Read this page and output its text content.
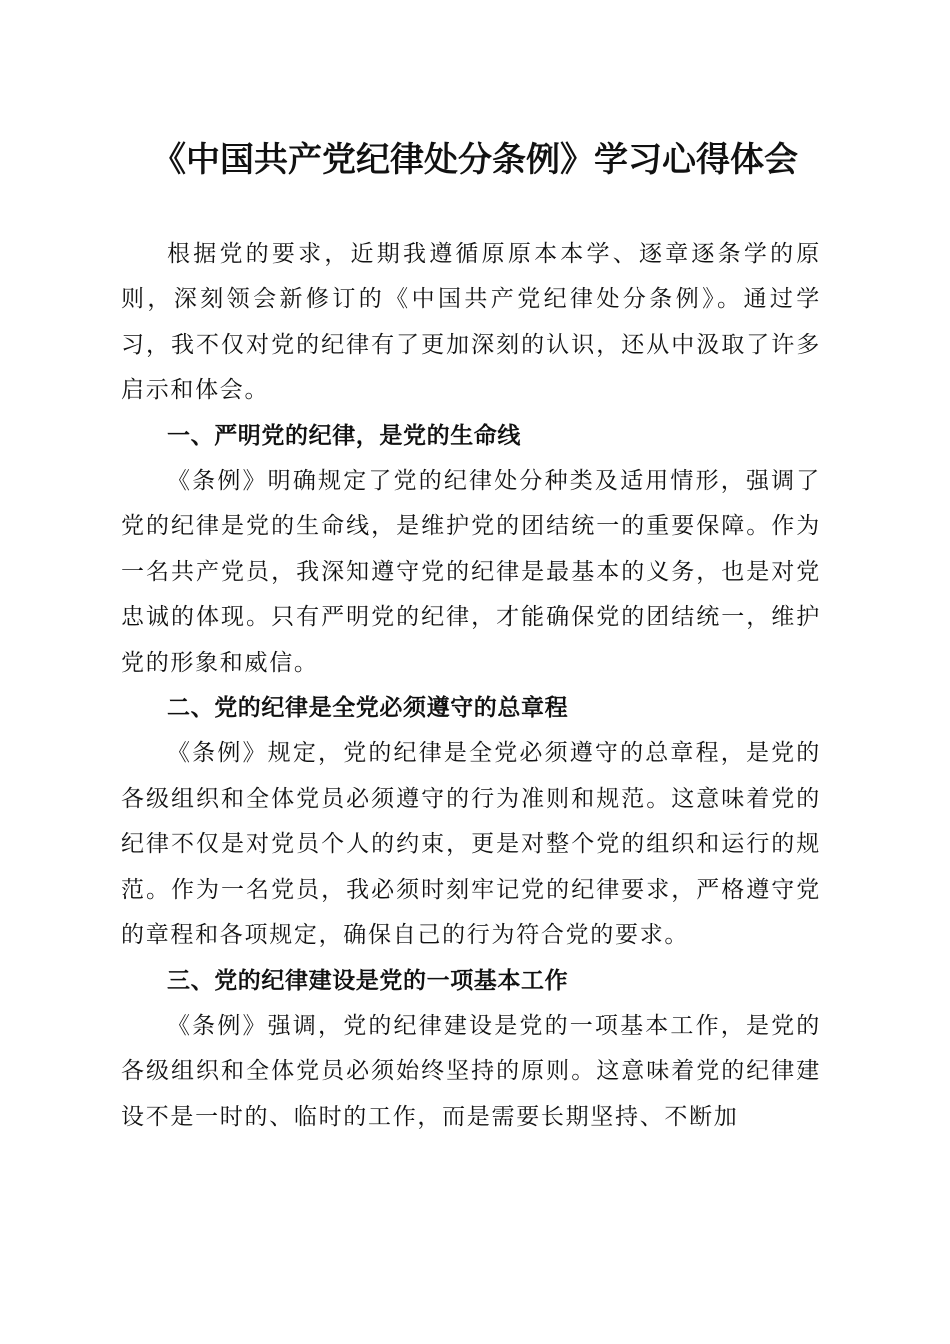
《中国共产党纪律处分条例》学习心得体会

根据党的要求，近期我遵循原原本本学、逐章逐条学的原则，深刻领会新修订的《中国共产党纪律处分条例》。通过学习，我不仅对党的纪律有了更加深刻的认识，还从中汲取了许多启示和体会。

一、严明党的纪律，是党的生命线

《条例》明确规定了党的纪律处分种类及适用情形，强调了党的纪律是党的生命线，是维护党的团结统一的重要保障。作为一名共产党员，我深知遵守党的纪律是最基本的义务，也是对党忠诚的体现。只有严明党的纪律，才能确保党的团结统一，维护党的形象和威信。

二、党的纪律是全党必须遵守的总章程

《条例》规定，党的纪律是全党必须遵守的总章程，是党的各级组织和全体党员必须遵守的行为准则和规范。这意味着党的纪律不仅是对党员个人的约束，更是对整个党的组织和运行的规范。作为一名党员，我必须时刻牢记党的纪律要求，严格遵守党的章程和各项规定，确保自己的行为符合党的要求。

三、党的纪律建设是党的一项基本工作

《条例》强调，党的纪律建设是党的一项基本工作，是党的各级组织和全体党员必须始终坚持的原则。这意味着党的纪律建设不是一时的、临时的工作，而是需要长期坚持、不断加
